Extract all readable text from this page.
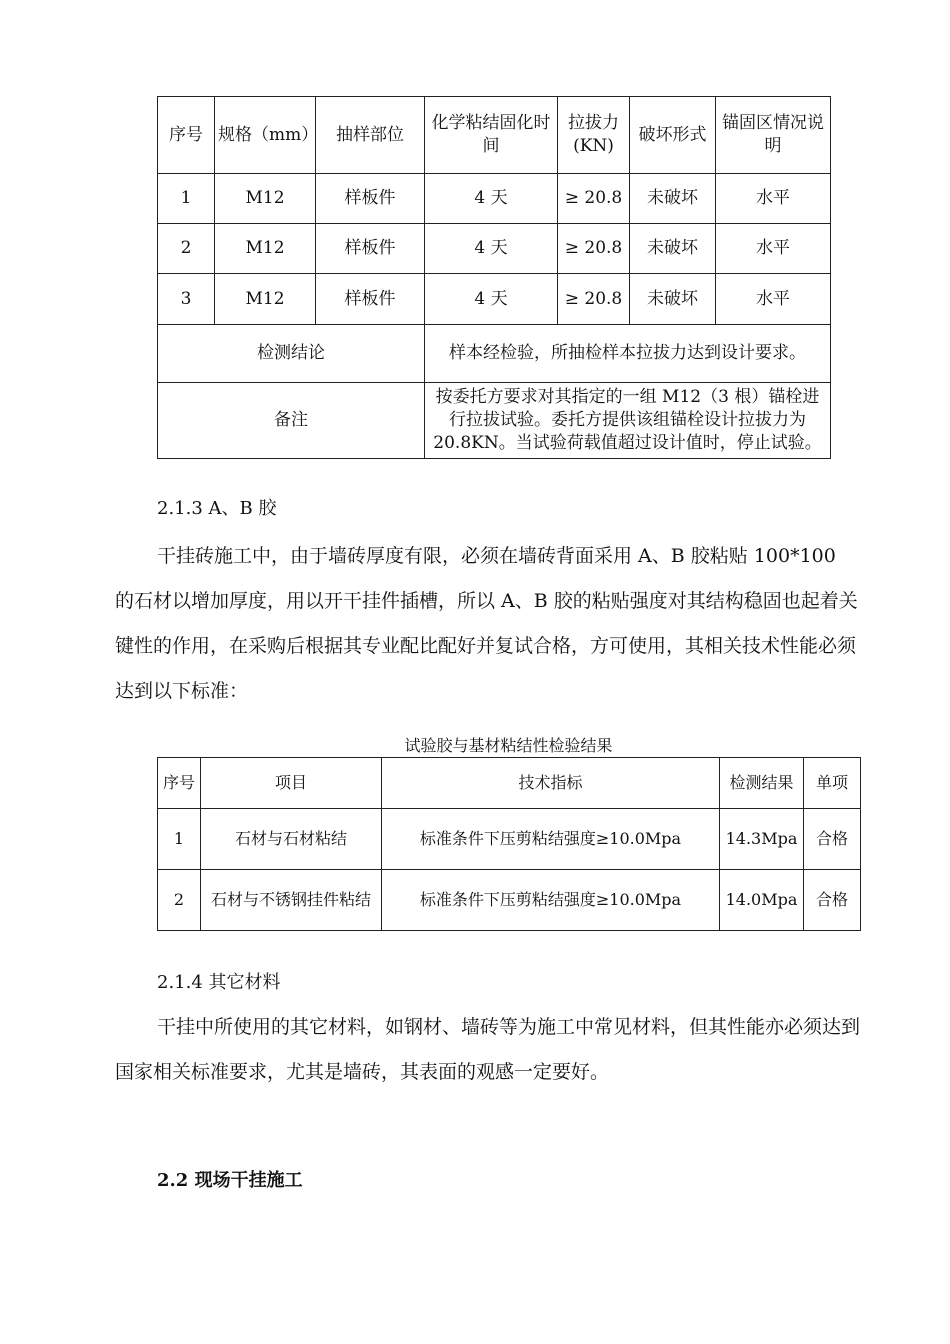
序号	规格（mm）	抽样部位	化学粘结固化时间	拉拔力(KN)	破坏形式	锚固区情况说明
1	M12	样板件	4 天	≥ 20.8	未破坏	水平
2	M12	样板件	4 天	≥ 20.8	未破坏	水平
3	M12	样板件	4 天	≥ 20.8	未破坏	水平
检测结论			样本经检验，所抽检样本拉拔力达到设计要求。			
备注			按委托方要求对其指定的一组 M12（3 根）锚栓进行拉拔试验。委托方提供该组锚栓设计拉拔力为 20.8KN。当试验荷载值超过设计值时，停止试验。			
2.1.3 A、B 胶
干挂砖施工中，由于墙砖厚度有限，必须在墙砖背面采用 A、B 胶粘贴 100*100 的石材以增加厚度，用以开干挂件插槽，所以 A、B 胶的粘贴强度对其结构稳固也起着关键性的作用，在采购后根据其专业配比配好并复试合格，方可使用，其相关技术性能必须达到以下标准：
试验胶与基材粘结性检验结果
序号	项目	技术指标	检测结果	单项
1	石材与石材粘结	标准条件下压剪粘结强度≥10.0Mpa	14.3Mpa	合格
2	石材与不锈钢挂件粘结	标准条件下压剪粘结强度≥10.0Mpa	14.0Mpa	合格
2.1.4 其它材料
干挂中所使用的其它材料，如钢材、墙砖等为施工中常见材料，但其性能亦必须达到国家相关标准要求，尤其是墙砖，其表面的观感一定要好。
2.2 现场干挂施工
